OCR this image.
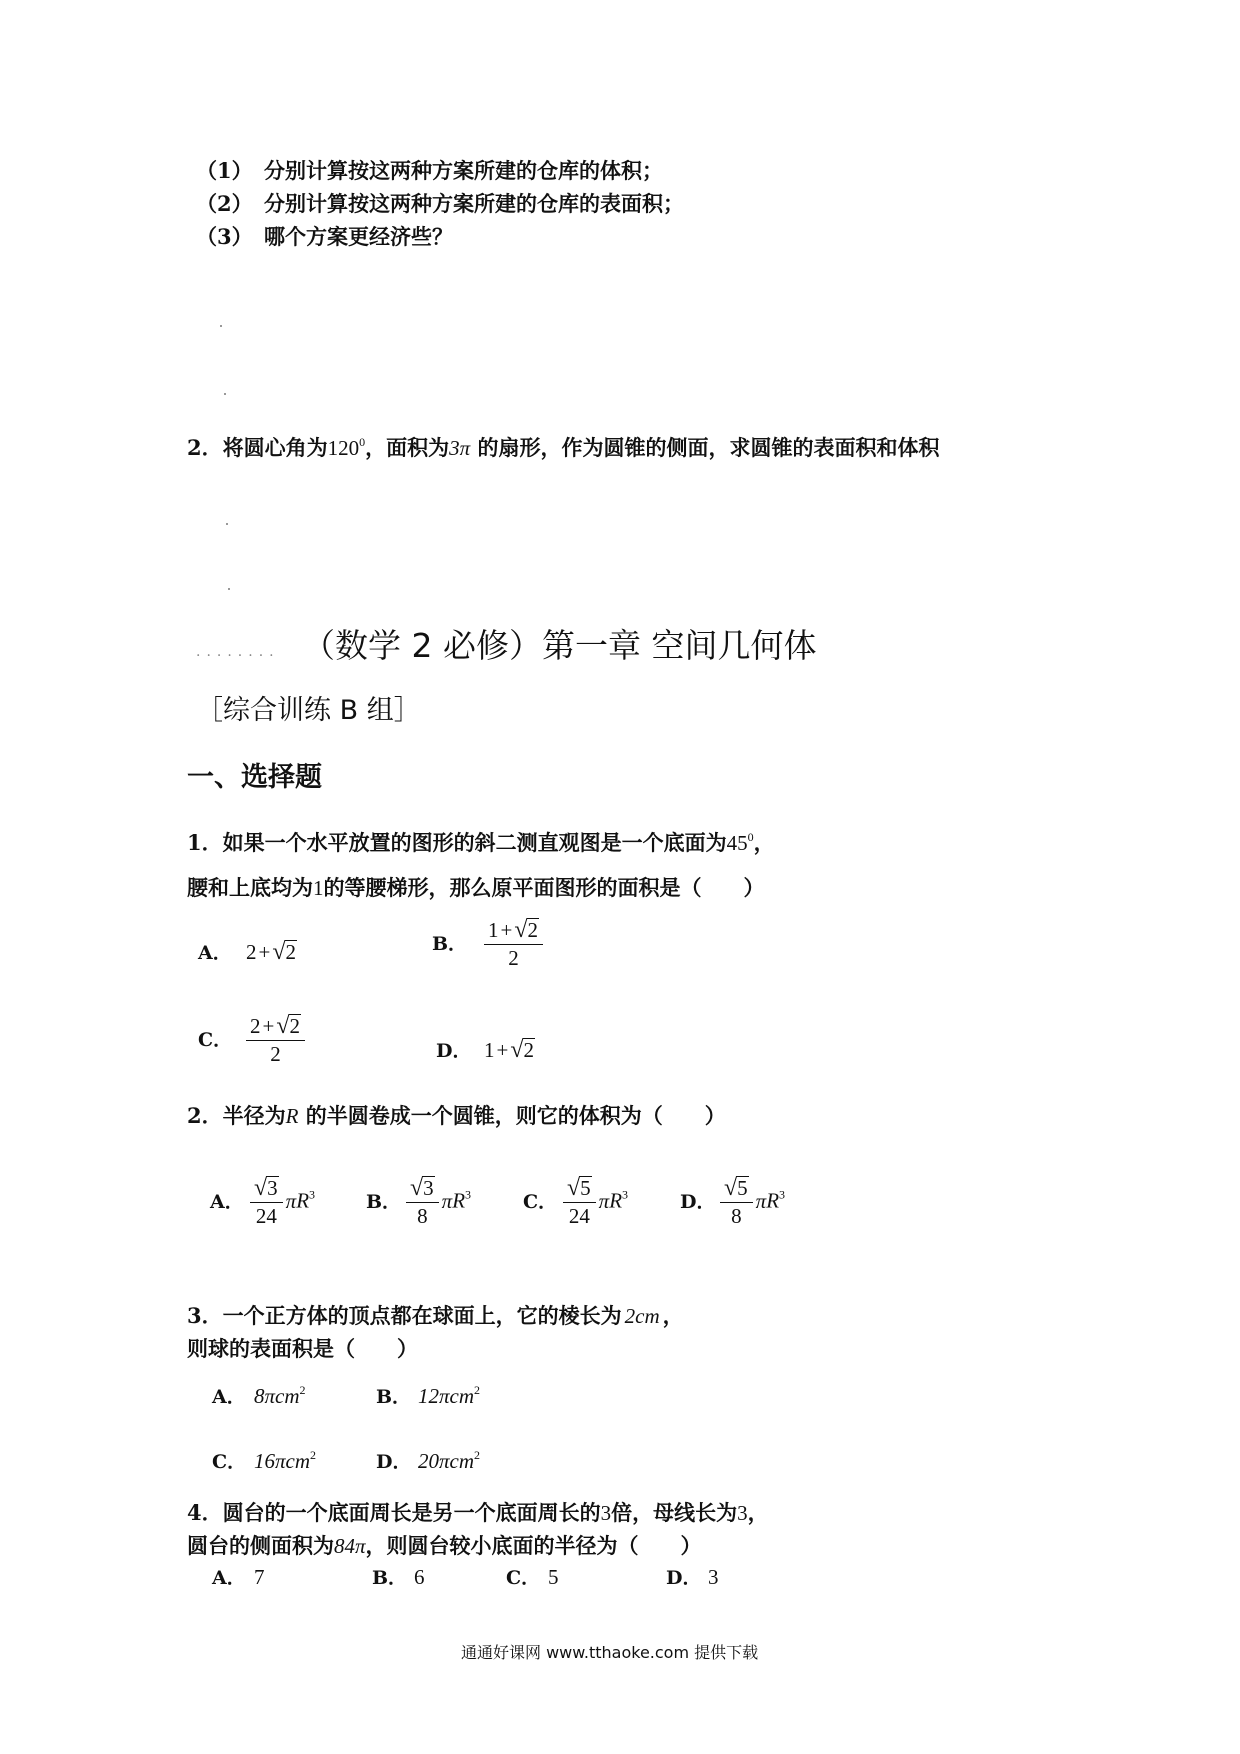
（1） 分别计算按这两种方案所建的仓库的体积；
（2） 分别计算按这两种方案所建的仓库的表面积；
（3） 哪个方案更经济些？
2．将圆心角为$120^0$，面积为3π 的扇形，作为圆锥的侧面，求圆锥的表面积和体积
········ （数学 2 必修）第一章 空间几何体
［综合训练 B 组］
一、选择题
1．如果一个水平放置的图形的斜二测直观图是一个底面为$45^0$，
腰和上底均为1的等腰梯形，那么原平面图形的面积是（　　）
A． 2+ √ 2	B． $\frac{1+ √ 2}{2}$
C． $\frac{2+ √ 2}{2}$	D． 1+ √ 2
2．半径为R 的半圆卷成一个圆锥，则它的体积为（　　）
A． $\frac{√ 3}{24} \pi R^3$	B． $\frac{√ 3}{8} \pi R^3$	C． $\frac{√ 5}{24} \pi R^3$	D． $\frac{√ 5}{8} \pi R^3$
3．一个正方体的顶点都在球面上，它的棱长为 2cm ，
则球的表面积是（　　）
A． 8πcm$^2$	B． 12πcm$^2$
C． 16πcm$^2$	D． 20πcm$^2$
4．圆台的一个底面周长是另一个底面周长的3倍，母线长为3，
圆台的侧面积为84π，则圆台较小底面的半径为（　　）
A． 7	B． 6	C． 5	D． 3
通通好课网 www.tthaoke.com 提供下载
